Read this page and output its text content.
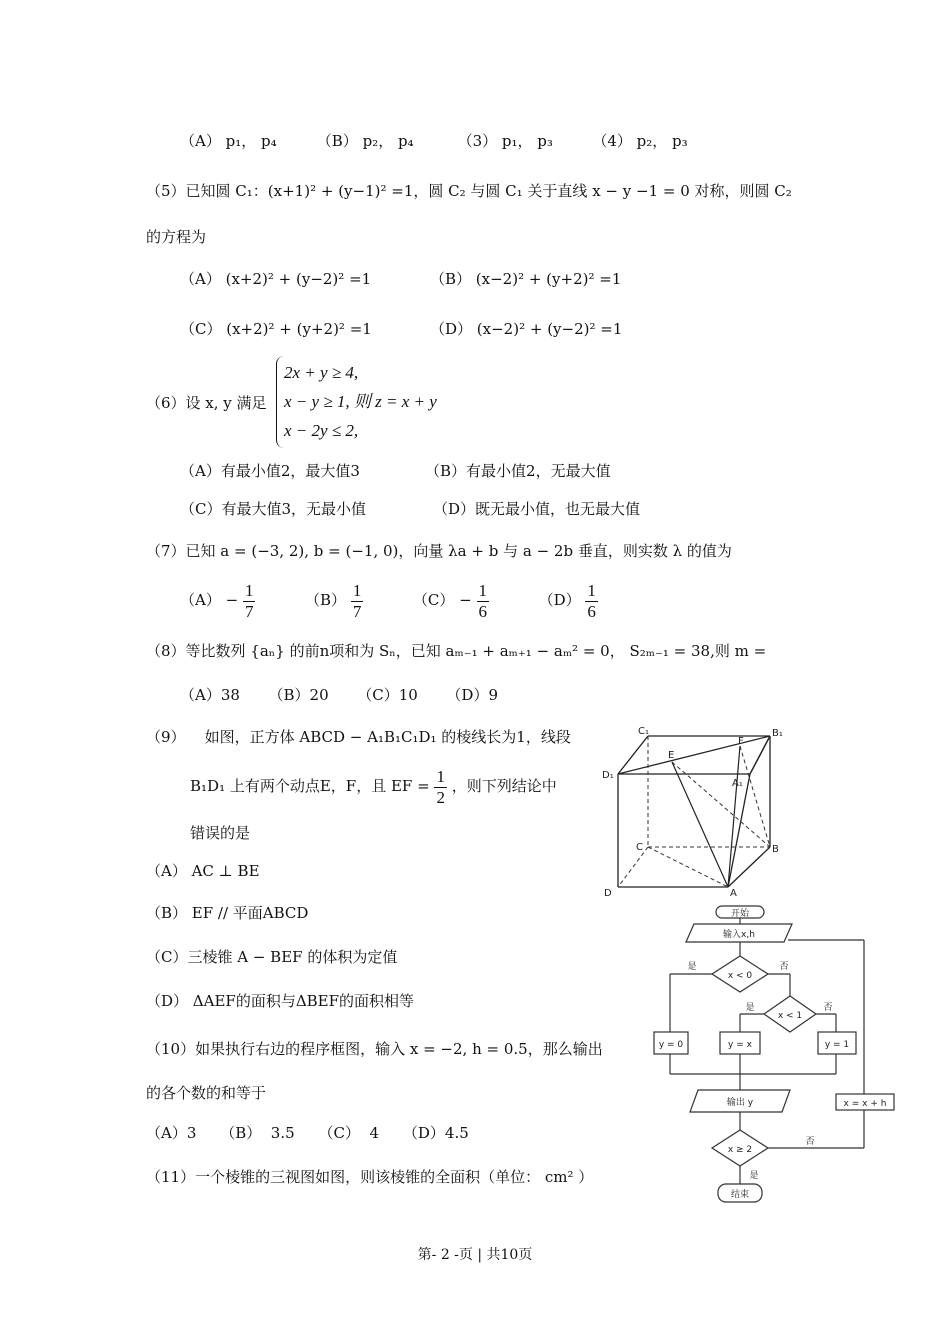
（A） p₁， p₄	（B） p₂， p₄	（3） p₁， p₃	（4） p₂， p₃
（5）已知圆 C₁：(x+1)² + (y−1)² =1，圆 C₂ 与圆 C₁ 关于直线 x − y −1 = 0 对称，则圆 C₂
的方程为
（A） (x+2)² + (y−2)² =1	（B） (x−2)² + (y+2)² =1
（C） (x+2)² + (y+2)² =1	（D） (x−2)² + (y−2)² =1
（6）设 x, y 满足
2x + y ≥ 4,
x − y ≥ 1, 则 z = x + y
x − 2y ≤ 2,
（A）有最小值2，最大值3	（B）有最小值2，无最大值
（C）有最大值3，无最小值	（D）既无最小值，也无最大值
（7）已知 a = (−3, 2), b = (−1, 0)，向量 λa + b 与 a − 2b 垂直，则实数 λ 的值为
$(A) - \frac{1}{7}$	$(B) \frac{1}{7}$	$(C) - \frac{1}{6}$	$(D) \frac{1}{6}$
（8）等比数列 {aₙ} 的前n项和为 Sₙ，已知 aₘ₋₁ + aₘ₊₁ − aₘ² = 0， S₂ₘ₋₁ = 38,则 m =
（A）38      （B）20      （C）10      （D）9
（9）    如图，正方体 ABCD − A₁B₁C₁D₁ 的棱线长为1，线段
B₁D₁ 上有两个动点E，F，且 EF = $\frac{1}{2}$ ，则下列结论中
错误的是
（A） AC ⊥ BE
（B） EF // 平面ABCD
（C）三棱锥 A − BEF 的体积为定值
（D） ΔAEF的面积与ΔBEF的面积相等
（10）如果执行右边的程序框图，输入 x = −2, h = 0.5，那么输出
的各个数的和等于
（A）3     （B）  3.5     （C）  4     （D）4.5
（11）一个棱锥的三视图如图，则该棱锥的全面积（单位： cm² ）
C₁	B₁
D₁
A₁
E
F
C	B
D	A
开始
输入x,h
x < 0
是	否
x < 1
是	否
y = 0	y = x	y = 1
输出 y	x = x + h
x ≥ 2
否
是
结束
第- 2 -页 | 共10页
